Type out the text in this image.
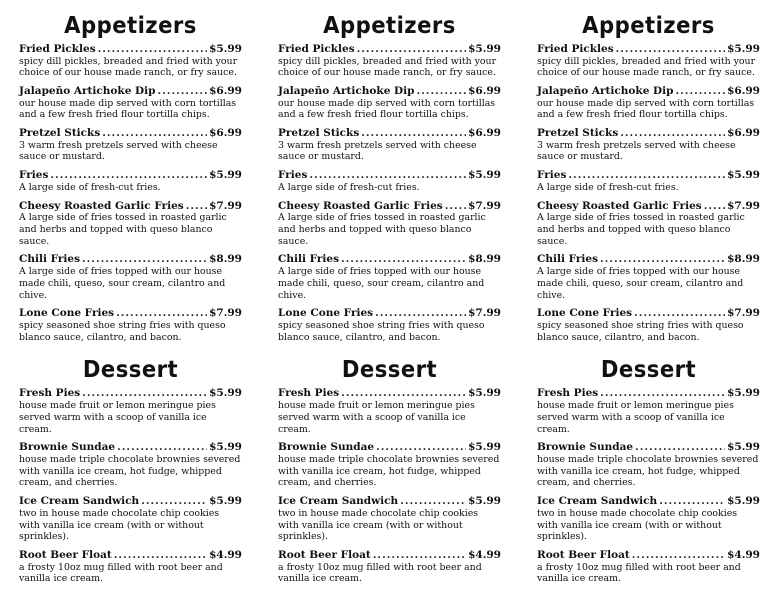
Appetizers
Fried Pickles .....	$5.99

spicy dill pickles, breaded and fried with your choice of our house made ranch, or fry sauce.

Jalapeño Artichoke Dip .....	$6.99

our house made dip served with corn tortillas and a few fresh fried flour tortilla chips.

Pretzel Sticks .....	$6.99

3 warm fresh pretzels served with cheese sauce or mustard.

Fries .....	$5.99

A large side of fresh-cut fries.

Cheesy Roasted Garlic Fries ..... $7.99

A large side of fries tossed in roasted garlic and herbs and topped with queso blanco sauce.

Chili Fries .....	$8.99

A large side of fries topped with our house made chili, queso, sour cream, cilantro and chive.

Lone Cone Fries .....	$7.99

spicy seasoned shoe string fries with queso blanco sauce, cilantro, and bacon.

Dessert
Fresh Pies .....	$5.99

house made fruit or lemon meringue pies served warm with a scoop of vanilla ice cream.

Brownie Sundae .....	$5.99

house made triple chocolate brownies severed with vanilla ice cream, hot fudge, whipped cream, and cherries.

Ice Cream Sandwich .....	$5.99

two in house made chocolate chip cookies with vanilla ice cream (with or without sprinkles).

Root Beer Float .....	$4.99

a frosty 10oz mug filled with root beer and vanilla ice cream.

Appetizers
Fried Pickles .....	$5.99

spicy dill pickles, breaded and fried with your choice of our house made ranch, or fry sauce.

Jalapeño Artichoke Dip .....	$6.99

our house made dip served with corn tortillas and a few fresh fried flour tortilla chips.

Pretzel Sticks .....	$6.99

3 warm fresh pretzels served with cheese sauce or mustard.

Fries .....	$5.99

A large side of fresh-cut fries.

Cheesy Roasted Garlic Fries ..... $7.99

A large side of fries tossed in roasted garlic and herbs and topped with queso blanco sauce.

Chili Fries .....	$8.99

A large side of fries topped with our house made chili, queso, sour cream, cilantro and chive.

Lone Cone Fries .....	$7.99

spicy seasoned shoe string fries with queso blanco sauce, cilantro, and bacon.

Dessert
Fresh Pies .....	$5.99

house made fruit or lemon meringue pies served warm with a scoop of vanilla ice cream.

Brownie Sundae .....	$5.99

house made triple chocolate brownies severed with vanilla ice cream, hot fudge, whipped cream, and cherries.

Ice Cream Sandwich .....	$5.99

two in house made chocolate chip cookies with vanilla ice cream (with or without sprinkles).

Root Beer Float .....	$4.99

a frosty 10oz mug filled with root beer and vanilla ice cream.

Appetizers
Fried Pickles .....	$5.99

spicy dill pickles, breaded and fried with your choice of our house made ranch, or fry sauce.

Jalapeño Artichoke Dip .....	$6.99

our house made dip served with corn tortillas and a few fresh fried flour tortilla chips.

Pretzel Sticks .....	$6.99

3 warm fresh pretzels served with cheese sauce or mustard.

Fries .....	$5.99

A large side of fresh-cut fries.

Cheesy Roasted Garlic Fries ..... $7.99

A large side of fries tossed in roasted garlic and herbs and topped with queso blanco sauce.

Chili Fries .....	$8.99

A large side of fries topped with our house made chili, queso, sour cream, cilantro and chive.

Lone Cone Fries .....	$7.99

spicy seasoned shoe string fries with queso blanco sauce, cilantro, and bacon.

Dessert
Fresh Pies .....	$5.99

house made fruit or lemon meringue pies served warm with a scoop of vanilla ice cream.

Brownie Sundae .....	$5.99

house made triple chocolate brownies severed with vanilla ice cream, hot fudge, whipped cream, and cherries.

Ice Cream Sandwich .....	$5.99

two in house made chocolate chip cookies with vanilla ice cream (with or without sprinkles).

Root Beer Float .....	$4.99

a frosty 10oz mug filled with root beer and vanilla ice cream.
